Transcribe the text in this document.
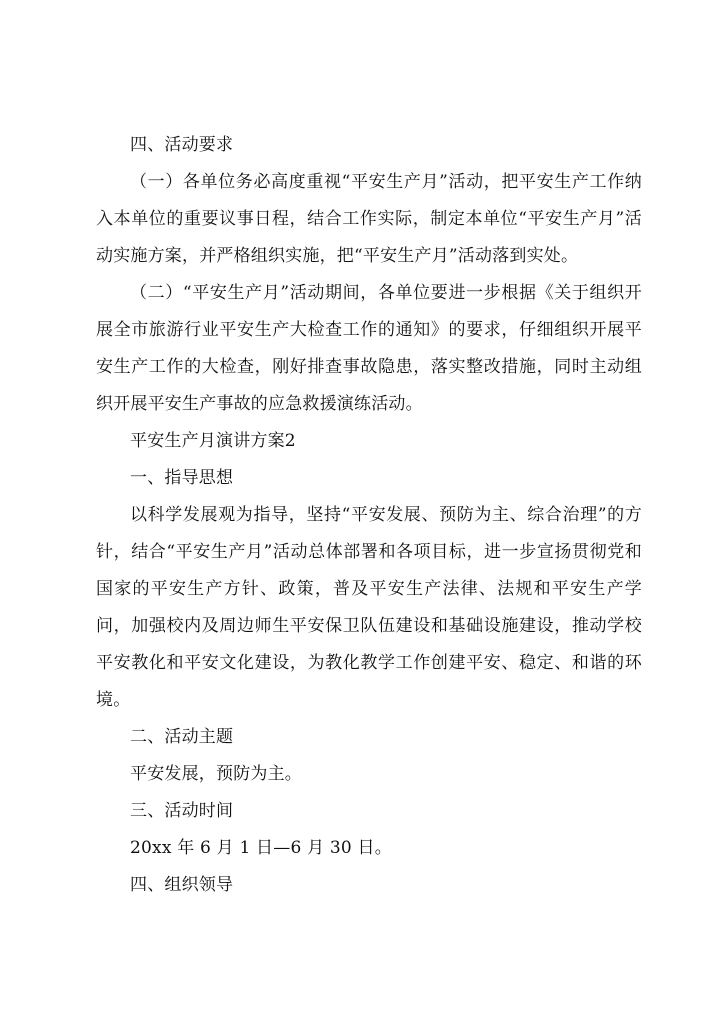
四、活动要求

（一）各单位务必高度重视“平安生产月”活动，把平安生产工作纳入本单位的重要议事日程，结合工作实际，制定本单位“平安生产月”活动实施方案，并严格组织实施，把“平安生产月”活动落到实处。

（二）“平安生产月”活动期间，各单位要进一步根据《关于组织开展全市旅游行业平安生产大检查工作的通知》的要求，仔细组织开展平安生产工作的大检查，刚好排查事故隐患，落实整改措施，同时主动组织开展平安生产事故的应急救援演练活动。

平安生产月演讲方案2

一、指导思想

以科学发展观为指导，坚持“平安发展、预防为主、综合治理”的方针，结合“平安生产月”活动总体部署和各项目标，进一步宣扬贯彻党和国家的平安生产方针、政策，普及平安生产法律、法规和平安生产学问，加强校内及周边师生平安保卫队伍建设和基础设施建设，推动学校平安教化和平安文化建设，为教化教学工作创建平安、稳定、和谐的环境。

二、活动主题

平安发展，预防为主。

三、活动时间

20xx 年 6 月 1 日—6 月 30 日。

四、组织领导
